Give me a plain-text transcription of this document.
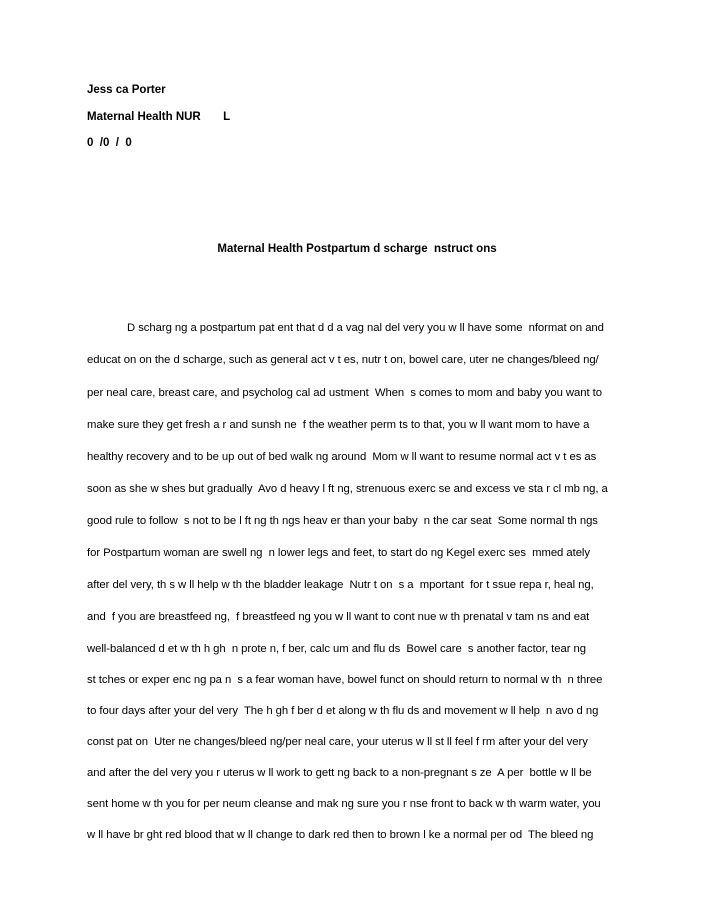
Jess ca Porter
Maternal Health NUR       L
0  /0  /  0
Maternal Health Postpartum d scharge  nstruct ons
D scharg ng a postpartum pat ent that d d a vag nal del very you w ll have some  nformat on and
educat on on the d scharge, such as general act v t es, nutr t on, bowel care, uter ne changes/bleed ng/
per neal care, breast care, and psycholog cal ad ustment  When  s comes to mom and baby you want to
make sure they get fresh a r and sunsh ne  f the weather perm ts to that, you w ll want mom to have a
healthy recovery and to be up out of bed walk ng around  Mom w ll want to resume normal act v t es as
soon as she w shes but gradually  Avo d heavy l ft ng, strenuous exerc se and excess ve sta r cl mb ng, a
good rule to follow  s not to be l ft ng th ngs heav er than your baby  n the car seat  Some normal th ngs
for Postpartum woman are swell ng  n lower legs and feet, to start do ng Kegel exerc ses  mmed ately
after del very, th s w ll help w th the bladder leakage  Nutr t on  s a  mportant  for t ssue repa r, heal ng,
and  f you are breastfeed ng,  f breastfeed ng you w ll want to cont nue w th prenatal v tam ns and eat
well-balanced d et w th h gh  n prote n, f ber, calc um and flu ds  Bowel care  s another factor, tear ng
st tches or exper enc ng pa n  s a fear woman have, bowel funct on should return to normal w th  n three
to four days after your del very  The h gh f ber d et along w th flu ds and movement w ll help  n avo d ng
const pat on  Uter ne changes/bleed ng/per neal care, your uterus w ll st ll feel f rm after your del very
and after the del very you r uterus w ll work to gett ng back to a non-pregnant s ze  A per  bottle w ll be
sent home w th you for per neum cleanse and mak ng sure you r nse front to back w th warm water, you
w ll have br ght red blood that w ll change to dark red then to brown l ke a normal per od  The bleed ng
